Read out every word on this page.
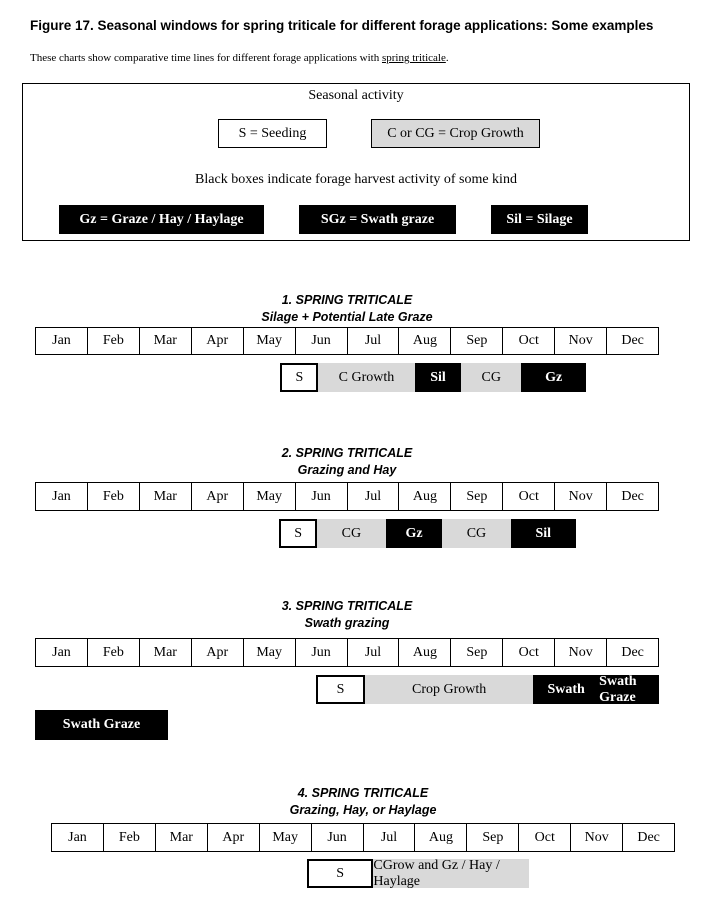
Figure 17. Seasonal windows for spring triticale for different forage applications: Some examples
These charts show comparative time lines for different forage applications with spring triticale.
Seasonal activity
S = Seeding	C or CG = Crop Growth
Black boxes indicate forage harvest activity of some kind
Gz = Graze / Hay / Haylage	SGz = Swath graze	Sil = Silage
1. SPRING TRITICALE
Silage + Potential Late Graze
Jan	Feb	Mar	Apr	May	Jun	Jul	Aug	Sep	Oct	Nov	Dec
S	C Growth	Sil	CG	Gz
2. SPRING TRITICALE
Grazing and Hay
Jan	Feb	Mar	Apr	May	Jun	Jul	Aug	Sep	Oct	Nov	Dec
S	CG	Gz	CG	Sil
3. SPRING TRITICALE
Swath grazing
Jan	Feb	Mar	Apr	May	Jun	Jul	Aug	Sep	Oct	Nov	Dec
S	Crop Growth	Swath
Swath Graze
Swath Graze
4. SPRING TRITICALE
Grazing, Hay, or Haylage
Jan	Feb	Mar	Apr	May	Jun	Jul	Aug	Sep	Oct	Nov	Dec
S
CGrow and Gz / Hay / Haylage
